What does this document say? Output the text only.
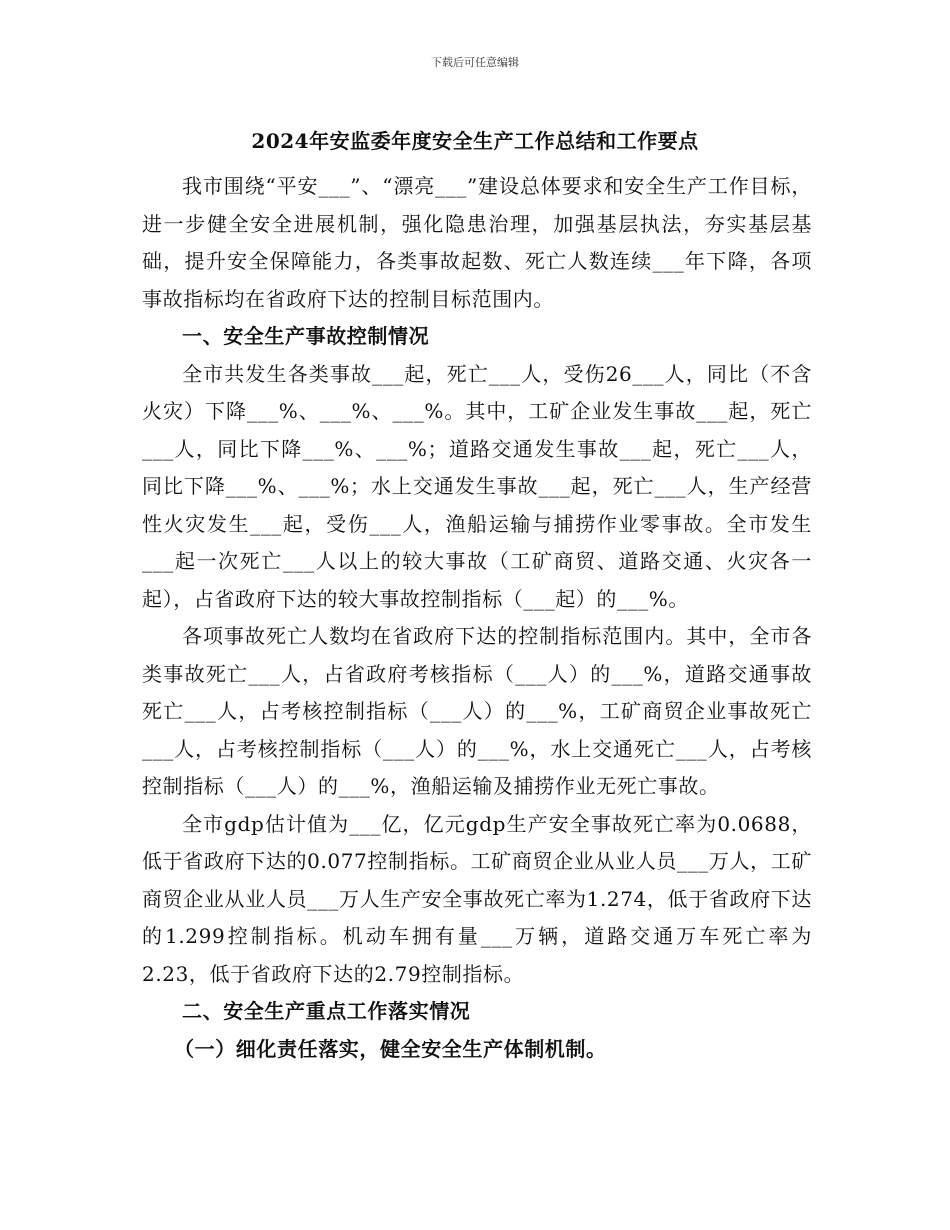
下载后可任意编辑
2024年安监委年度安全生产工作总结和工作要点

我市围绕“平安___”、“漂亮___”建设总体要求和安全生产工作目标，进一步健全安全进展机制，强化隐患治理，加强基层执法，夯实基层基础，提升安全保障能力，各类事故起数、死亡人数连续___年下降，各项事故指标均在省政府下达的控制目标范围内。

一、安全生产事故控制情况

全市共发生各类事故___起，死亡___人，受伤26___人，同比（不含火灾）下降___%、___%、___%。其中，工矿企业发生事故___起，死亡___人，同比下降___%、___%；道路交通发生事故___起，死亡___人，同比下降___%、___%；水上交通发生事故___起，死亡___人，生产经营性火灾发生___起，受伤___人，渔船运输与捕捞作业零事故。全市发生___起一次死亡___人以上的较大事故（工矿商贸、道路交通、火灾各一起），占省政府下达的较大事故控制指标（___起）的___%。

各项事故死亡人数均在省政府下达的控制指标范围内。其中，全市各类事故死亡___人，占省政府考核指标（___人）的___%，道路交通事故死亡___人，占考核控制指标（___人）的___%，工矿商贸企业事故死亡___人，占考核控制指标（___人）的___%，水上交通死亡___人，占考核控制指标（___人）的___%，渔船运输及捕捞作业无死亡事故。

全市gdp估计值为___亿，亿元gdp生产安全事故死亡率为0.0688，低于省政府下达的0.077控制指标。工矿商贸企业从业人员___万人，工矿商贸企业从业人员___万人生产安全事故死亡率为1.274，低于省政府下达的1.299控制指标。机动车拥有量___万辆，道路交通万车死亡率为2.23，低于省政府下达的2.79控制指标。

二、安全生产重点工作落实情况

（一）细化责任落实，健全安全生产体制机制。
